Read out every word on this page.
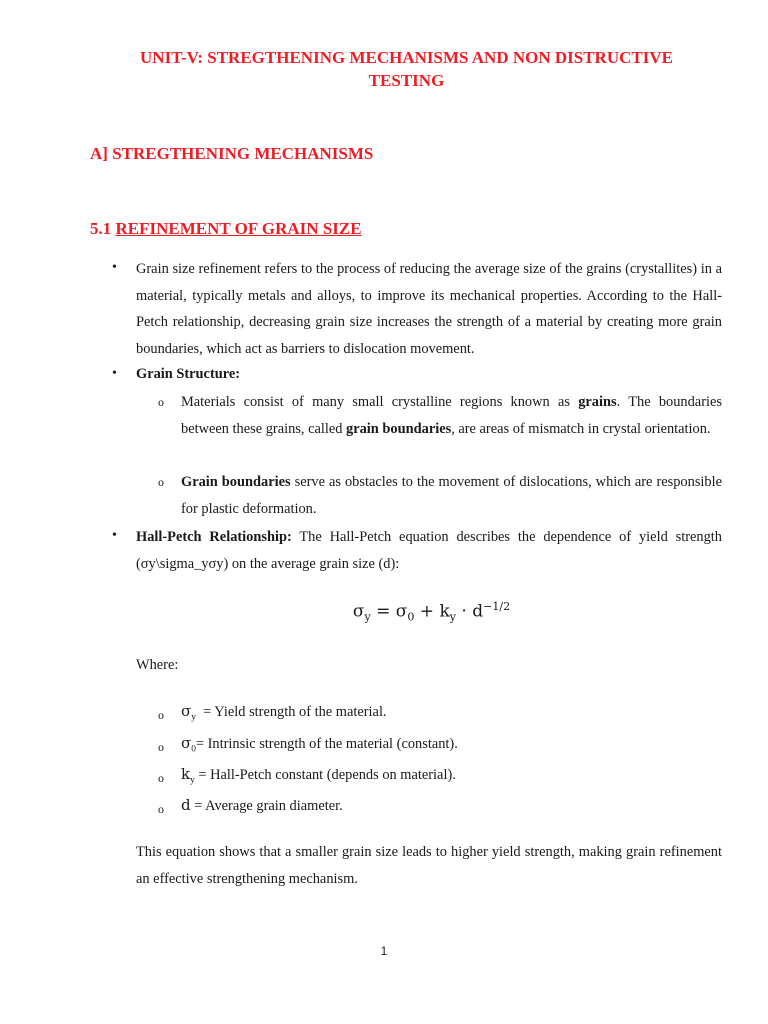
UNIT-V: STREGTHENING MECHANISMS AND NON DISTRUCTIVE TESTING
A] STREGTHENING MECHANISMS
5.1 REFINEMENT OF GRAIN SIZE
• Grain size refinement refers to the process of reducing the average size of the grains (crystallites) in a material, typically metals and alloys, to improve its mechanical properties. According to the Hall-Petch relationship, decreasing grain size increases the strength of a material by creating more grain boundaries, which act as barriers to dislocation movement.
• Grain Structure:
o Materials consist of many small crystalline regions known as grains. The boundaries between these grains, called grain boundaries, are areas of mismatch in crystal orientation.
o Grain boundaries serve as obstacles to the movement of dislocations, which are responsible for plastic deformation.
• Hall-Petch Relationship: The Hall-Petch equation describes the dependence of yield strength (σy\sigma_yσy) on the average grain size (d):
$\sigma_y = \sigma_0 + k_y \cdot d^{-1/2}$
Where:
o $\sigma_y$  = Yield strength of the material.
o $\sigma_0=$ Intrinsic strength of the material (constant).
o $k_y$ = Hall-Petch constant (depends on material).
o d = Average grain diameter.
This equation shows that a smaller grain size leads to higher yield strength, making grain refinement an effective strengthening mechanism.
1
